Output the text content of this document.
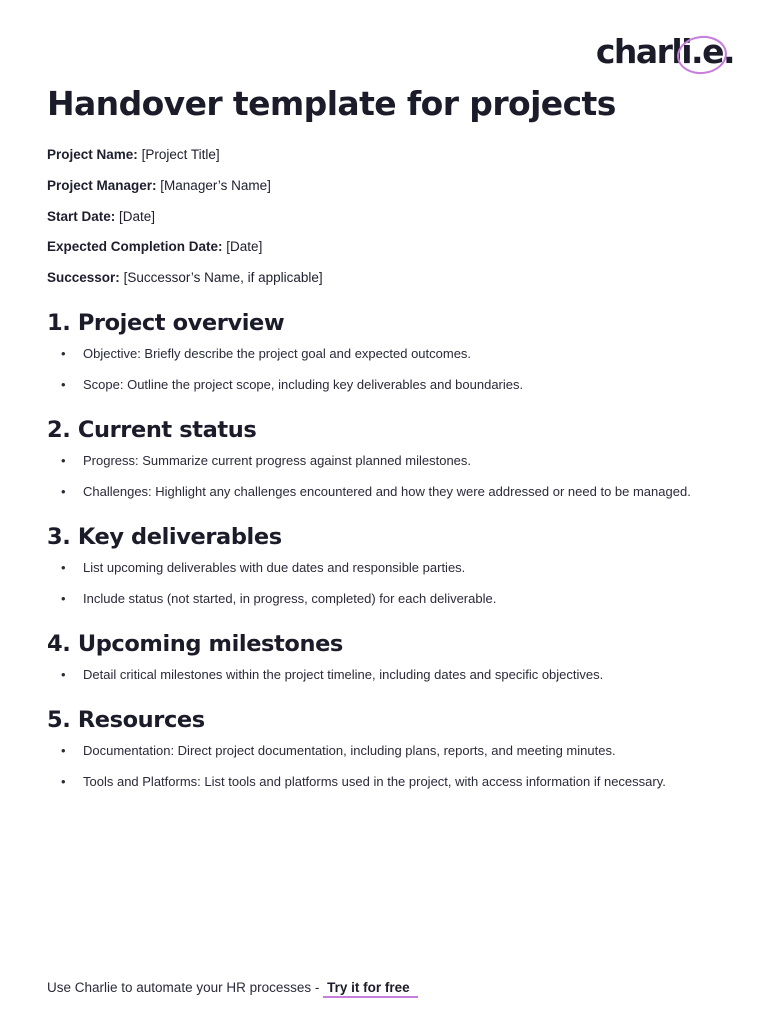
charl i.e.
Handover template for projects
Project Name: [Project Title]
Project Manager: [Manager’s Name]
Start Date: [Date]
Expected Completion Date: [Date]
Successor: [Successor’s Name, if applicable]
1. Project overview
• Objective: Briefly describe the project goal and expected outcomes.
• Scope: Outline the project scope, including key deliverables and boundaries.
2. Current status
• Progress: Summarize current progress against planned milestones.
• Challenges: Highlight any challenges encountered and how they were addressed or need to be managed.
3. Key deliverables
• List upcoming deliverables with due dates and responsible parties.
• Include status (not started, in progress, completed) for each deliverable.
4. Upcoming milestones
• Detail critical milestones within the project timeline, including dates and specific objectives.
5. Resources
• Documentation: Direct project documentation, including plans, reports, and meeting minutes.
• Tools and Platforms: List tools and platforms used in the project, with access information if necessary.
Use Charlie to automate your HR processes - Try it for free
